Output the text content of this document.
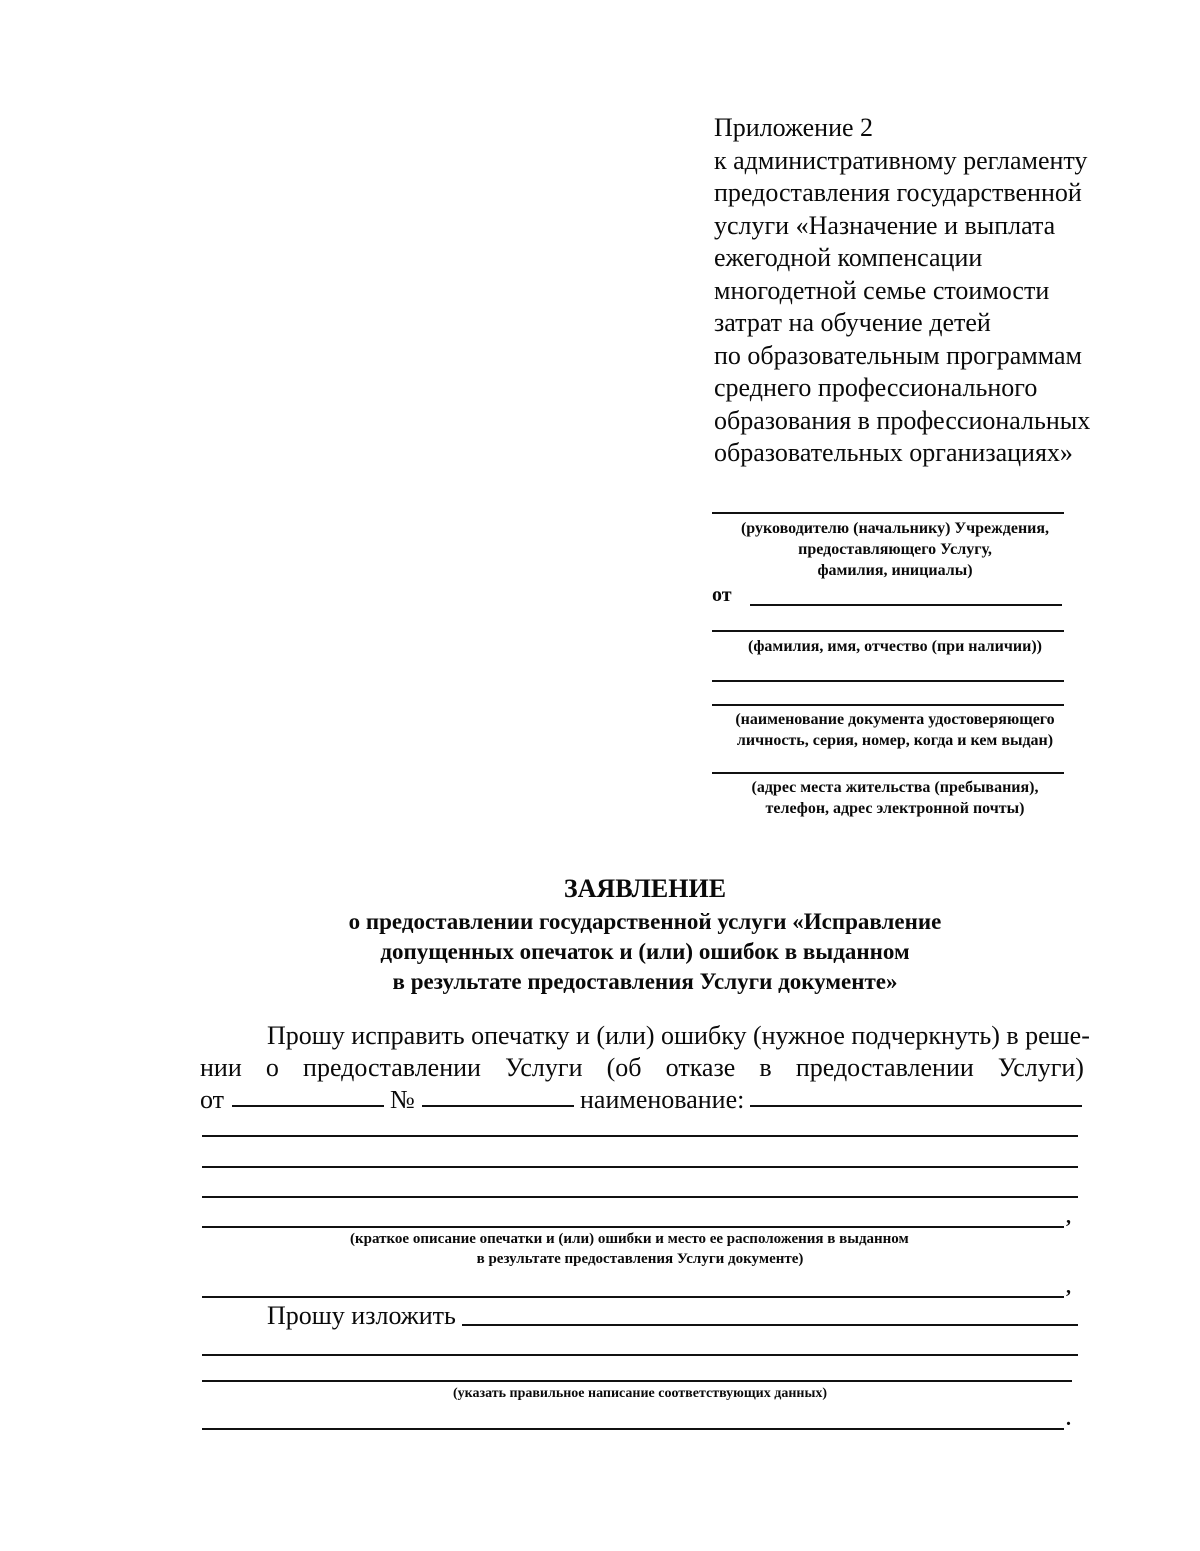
Приложение 2
к административному регламенту
предоставления государственной
услуги «Назначение и выплата
ежегодной компенсации
многодетной семье стоимости
затрат на обучение детей
по образовательным программам
среднего профессионального
образования в профессиональных
образовательных организациях»
(руководителю (начальнику) Учреждения,
предоставляющего Услугу,
фамилия, инициалы)
от
(фамилия, имя, отчество (при наличии))
(наименование документа удостоверяющего
личность, серия, номер, когда и кем выдан)
(адрес места жительства (пребывания),
телефон, адрес электронной почты)
ЗАЯВЛЕНИЕ
о предоставлении государственной услуги «Исправление
допущенных опечаток и (или) ошибок в выданном
в результате предоставления Услуги документе»
Прошу исправить опечатку и (или) ошибку (нужное подчеркнуть) в реше-
нии о предоставлении Услуги (об отказе в предоставлении Услуги)
от	№	наименование:
,
(краткое описание опечатки и (или) ошибки и место ее расположения в выданном
в результате предоставления Услуги документе)
,
Прошу изложить
(указать правильное написание соответствующих данных)
.
